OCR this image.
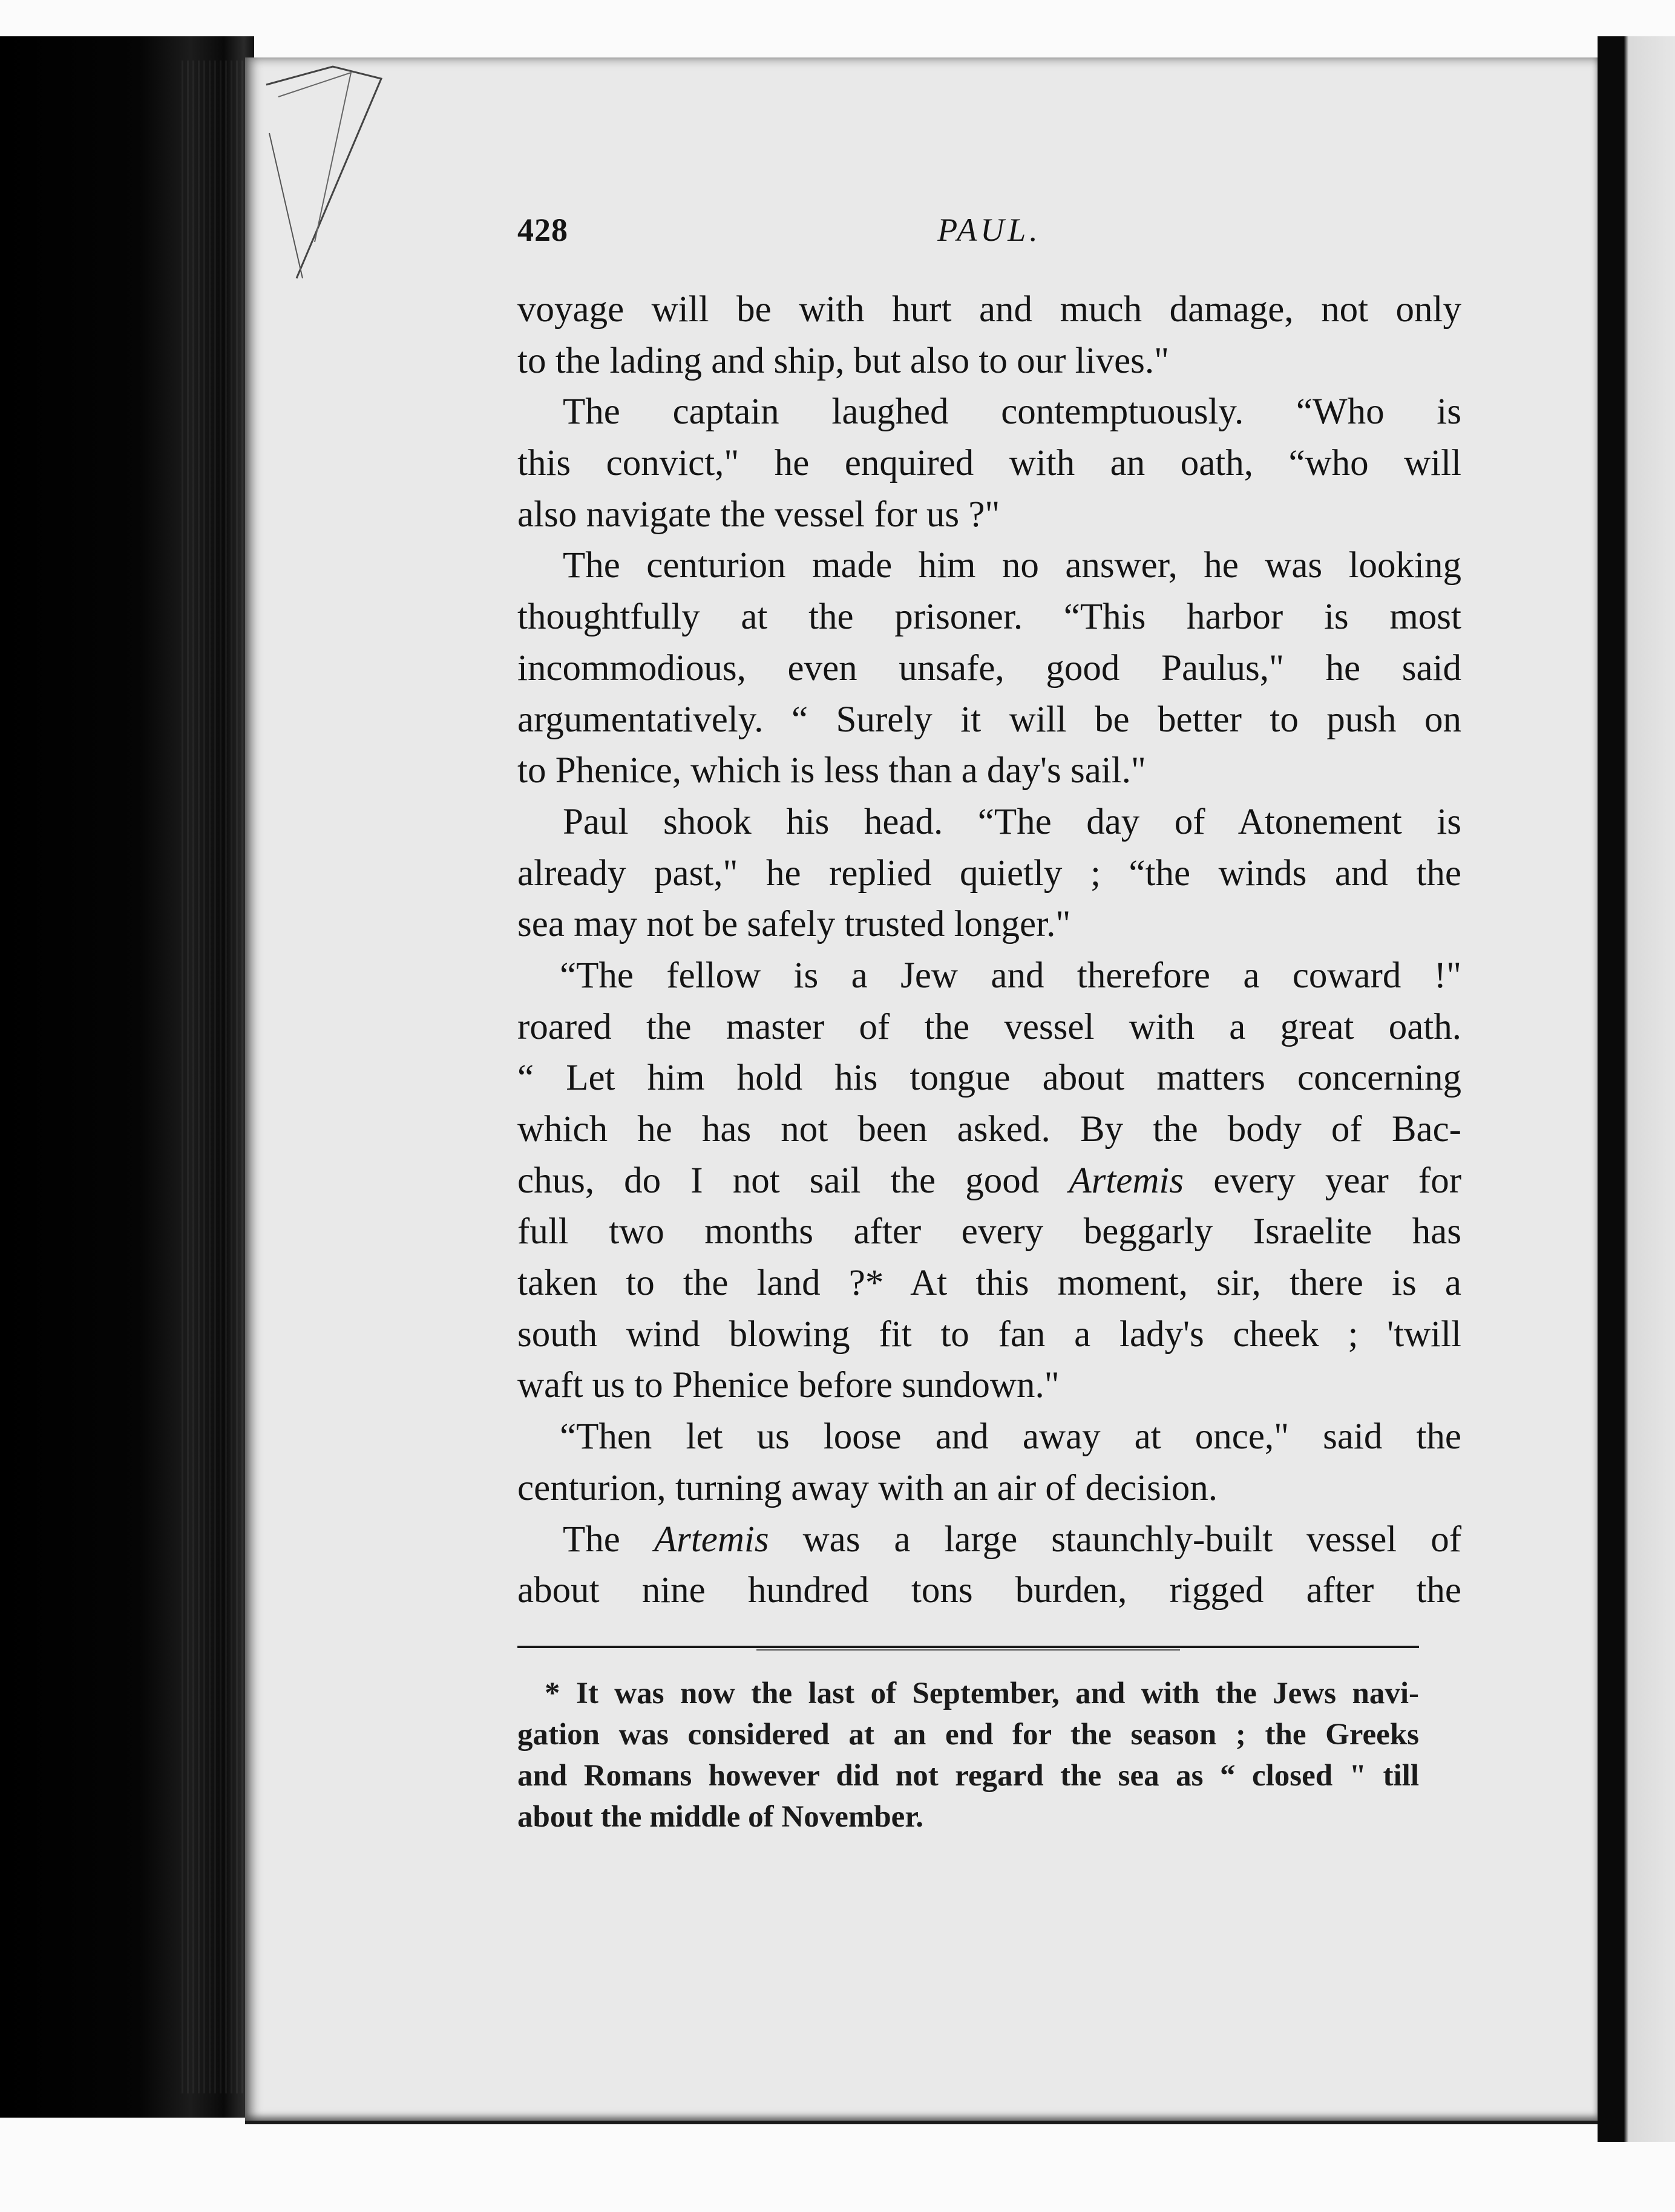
428	PAUL.
voyage will be with hurt and much damage, not only
to the lading and ship, but also to our lives."
The captain laughed contemptuously. “Who is
this convict," he enquired with an oath, “who will
also navigate the vessel for us ?"
The centurion made him no answer, he was looking
thoughtfully at the prisoner. “This harbor is most
incommodious, even unsafe, good Paulus," he said
argumentatively. “ Surely it will be better to push on
to Phenice, which is less than a day's sail."
Paul shook his head. “The day of Atonement is
already past," he replied quietly ; “the winds and the
sea may not be safely trusted longer."
“The fellow is a Jew and therefore a coward !"
roared the master of the vessel with a great oath.
“ Let him hold his tongue about matters concerning
which he has not been asked. By the body of Bac-
chus, do I not sail the good Artemis every year for
full two months after every beggarly Israelite has
taken to the land ?* At this moment, sir, there is a
south wind blowing fit to fan a lady's cheek ; 'twill
waft us to Phenice before sundown."
“Then let us loose and away at once," said the
centurion, turning away with an air of decision.
The Artemis was a large staunchly-built vessel of
about nine hundred tons burden, rigged after the
* It was now the last of September, and with the Jews navi-
gation was considered at an end for the season ; the Greeks
and Romans however did not regard the sea as “ closed " till
about the middle of November.
